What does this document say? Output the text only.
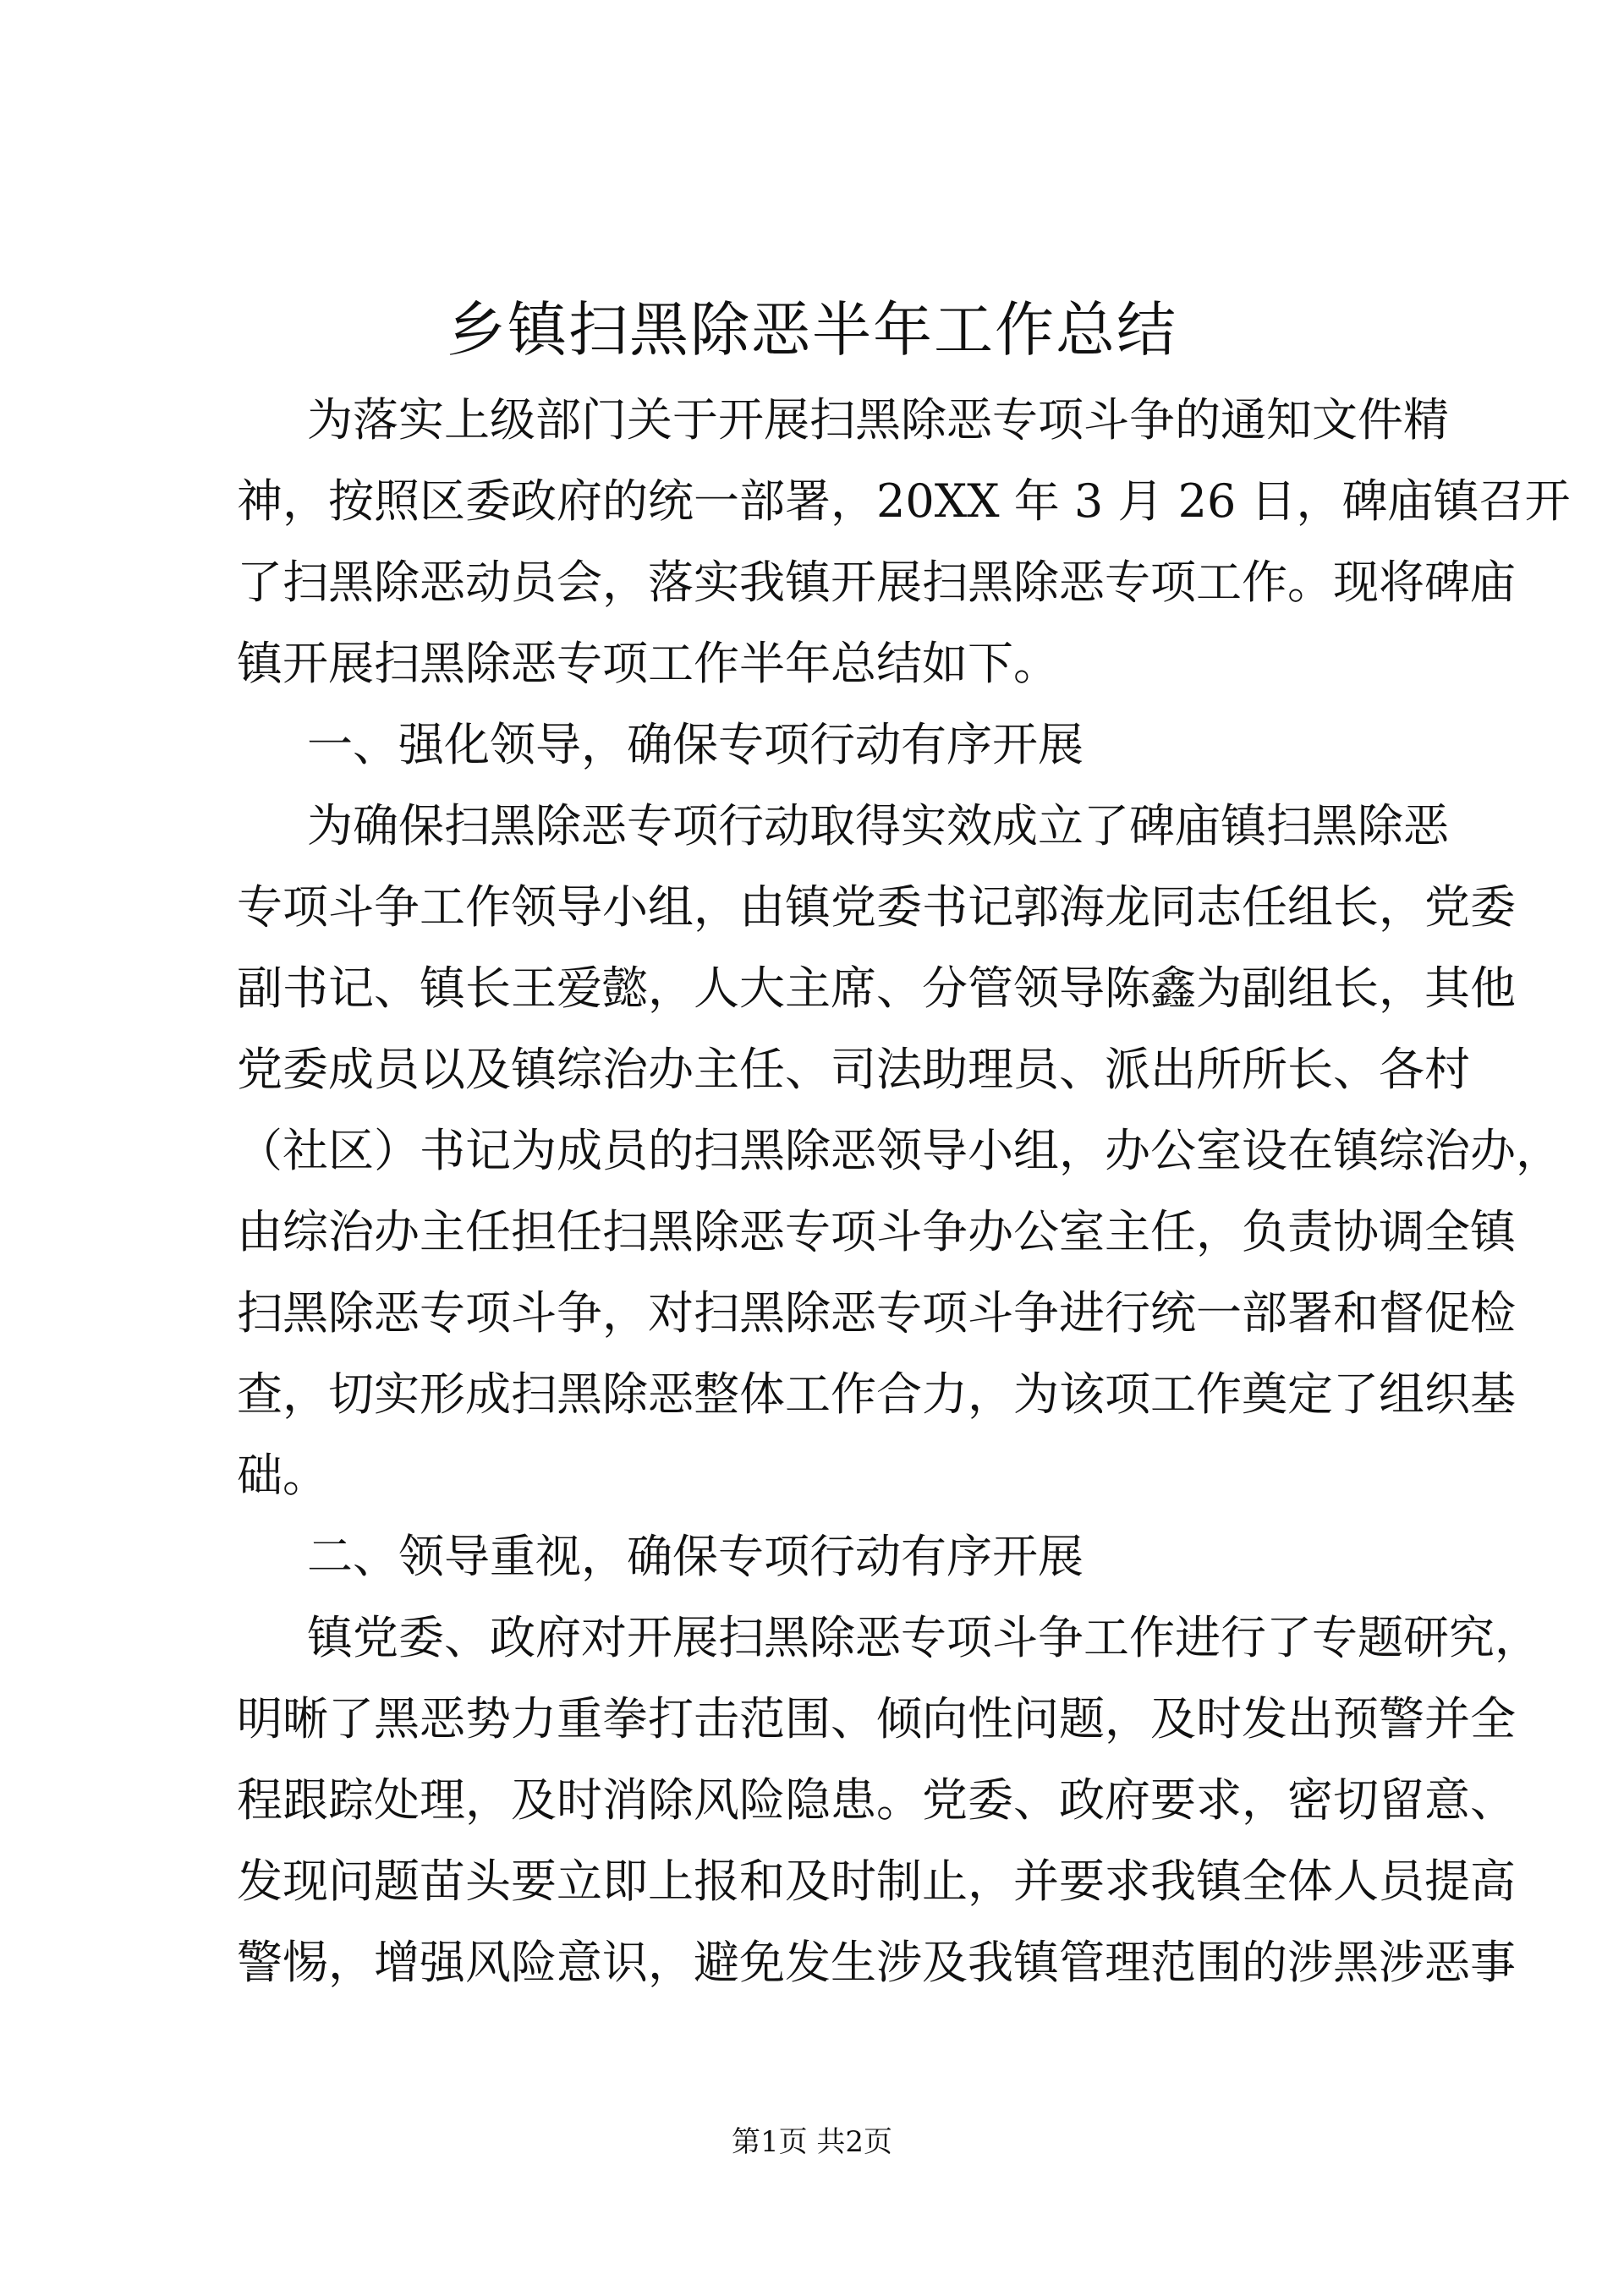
乡镇扫黑除恶半年工作总结
为落实上级部门关于开展扫黑除恶专项斗争的通知文件精
神，按照区委政府的统一部署，20XX 年 3 月 26 日，碑庙镇召开
了扫黑除恶动员会，落实我镇开展扫黑除恶专项工作。现将碑庙
镇开展扫黑除恶专项工作半年总结如下。
一、强化领导，确保专项行动有序开展
为确保扫黑除恶专项行动取得实效成立了碑庙镇扫黑除恶
专项斗争工作领导小组，由镇党委书记郭海龙同志任组长，党委
副书记、镇长王爱懿，人大主席、分管领导陈鑫为副组长，其他
党委成员以及镇综治办主任、司法助理员、派出所所长、各村
（社区）书记为成员的扫黑除恶领导小组，办公室设在镇综治办，
由综治办主任担任扫黑除恶专项斗争办公室主任，负责协调全镇
扫黑除恶专项斗争，对扫黑除恶专项斗争进行统一部署和督促检
查，切实形成扫黑除恶整体工作合力，为该项工作奠定了组织基
础。
二、领导重视，确保专项行动有序开展
镇党委、政府对开展扫黑除恶专项斗争工作进行了专题研究，
明晰了黑恶势力重拳打击范围、倾向性问题，及时发出预警并全
程跟踪处理，及时消除风险隐患。党委、政府要求，密切留意、
发现问题苗头要立即上报和及时制止，并要求我镇全体人员提高
警惕，增强风险意识，避免发生涉及我镇管理范围的涉黑涉恶事
第1页 共2页
